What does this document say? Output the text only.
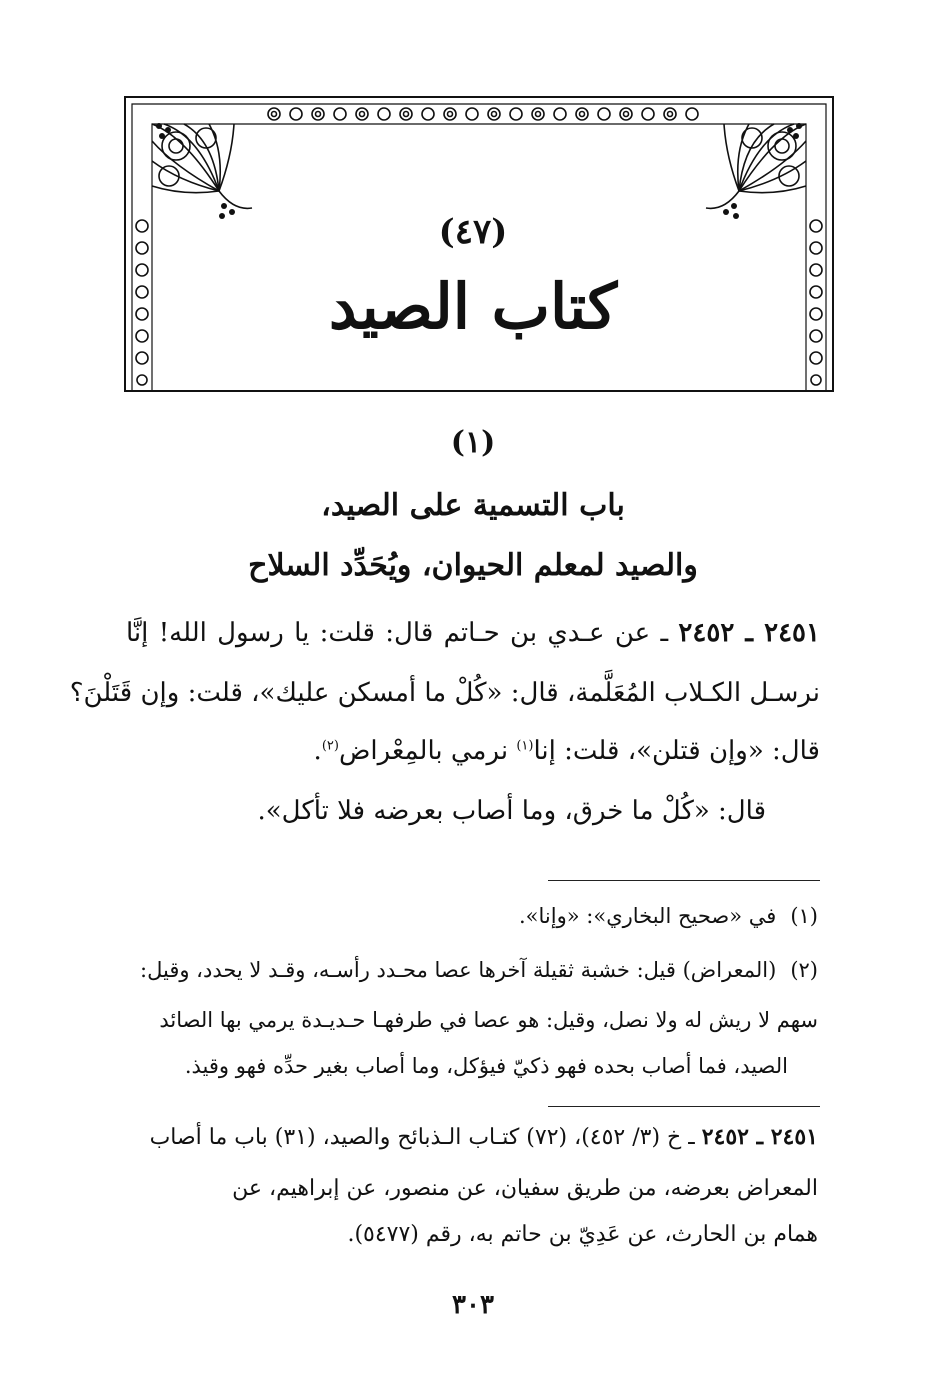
(٤٧)
كتاب الصيد
(١)
باب التسمية على الصيد،
والصيد لمعلم الحيوان، ويُحَدِّد السلاح
٢٤٥١ ـ ٢٤٥٢ ـ عن عـدي بن حـاتم قال: قلت: يا رسول الله! إنَّا
نرسـل الكـلاب المُعَلَّمة، قال: «كُلْ ما أمسكن عليك»، قلت: وإن قَتَلْنَ؟
قال: «وإن قتلن»، قلت: إنا$^{(١)}$ نرمي بالمِعْراض$^{(٢)}$.
قال: «كُلْ ما خرق، وما أصاب بعرضه فلا تأكل».
(١)في «صحيح البخاري»: «وإنا».
(٢)(المعراض) قيل: خشبة ثقيلة آخرها عصا محـدد رأسـه، وقـد لا يحدد، وقيل:
سهم لا ريش له ولا نصل، وقيل: هو عصا في طرفهـا حـديـدة يرمي بها الصائد
الصيد، فما أصاب بحده فهو ذكيّ فيؤكل، وما أصاب بغير حدِّه فهو وقيذ.
٢٤٥١ ـ ٢٤٥٢ ـ خ (٣/ ٤٥٢)، (٧٢) كتـاب الـذبائح والصيد، (٣١) باب ما أصاب
المعراض بعرضه، من طريق سفيان، عن منصور، عن إبراهيم، عن
همام بن الحارث، عن عَدِيّ بن حاتم به، رقم (٥٤٧٧).
٣٠٣
